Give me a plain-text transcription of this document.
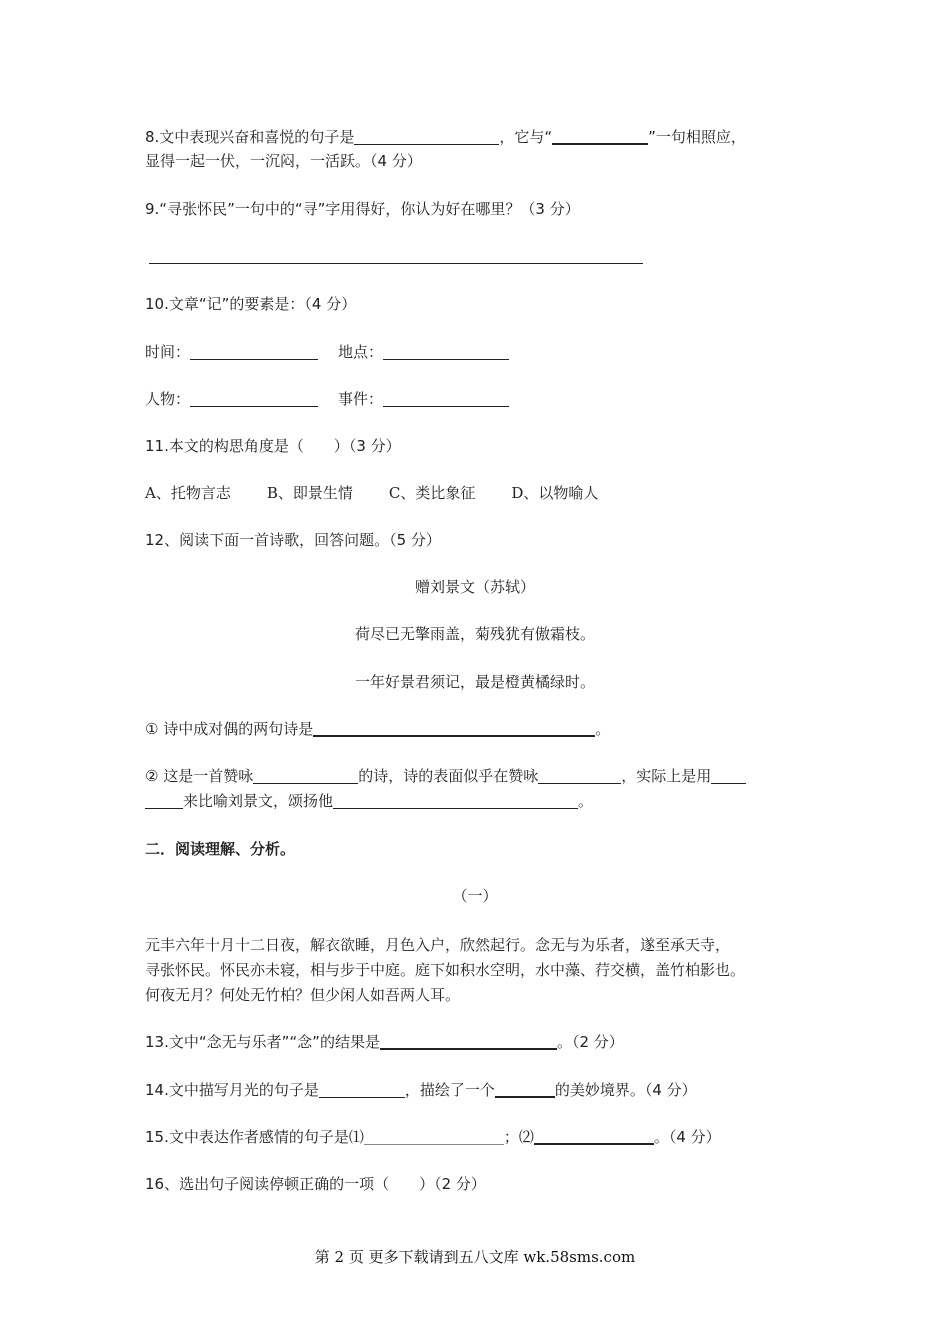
8.文中表现兴奋和喜悦的句子是	，它与“	”一句相照应，
显得一起一伏，一沉闷，一活跃。（4 分）
9.“寻张怀民”一句中的“寻”字用得好，你认为好在哪里？（3 分）
10.文章“记”的要素是：（4 分）
时间：	地点：
人物：	事件：
11.本文的构思角度是（　　）（3 分）
A、托物言志 B、即景生情 C、类比象征 D、以物喻人
12、阅读下面一首诗歌，回答问题。（5 分）
赠刘景文（苏轼）
荷尽已无擎雨盖，菊残犹有傲霜枝。
一年好景君须记，最是橙黄橘绿时。
① 诗中成对偶的两句诗是	。
② 这是一首赞咏	的诗，诗的表面似乎在赞咏	，实际上是用
来比喻刘景文，颂扬他	。
二．阅读理解、分析。
（一）
元丰六年十月十二日夜，解衣欲睡，月色入户，欣然起行。念无与为乐者，遂至承天寺，
寻张怀民。怀民亦未寝，相与步于中庭。庭下如积水空明，水中藻、荇交横，盖竹柏影也。
何夜无月？何处无竹柏？但少闲人如吾两人耳。
13.文中“念无与乐者”“念”的结果是	。（2 分）
14.文中描写月光的句子是	，描绘了一个	的美妙境界。（4 分）
15.文中表达作者感情的句子是⑴	；⑵	。（4 分）
16、选出句子阅读停顿正确的一项（　　）（2 分）
第 2 页 更多下载请到五八文库 wk.58sms.com
